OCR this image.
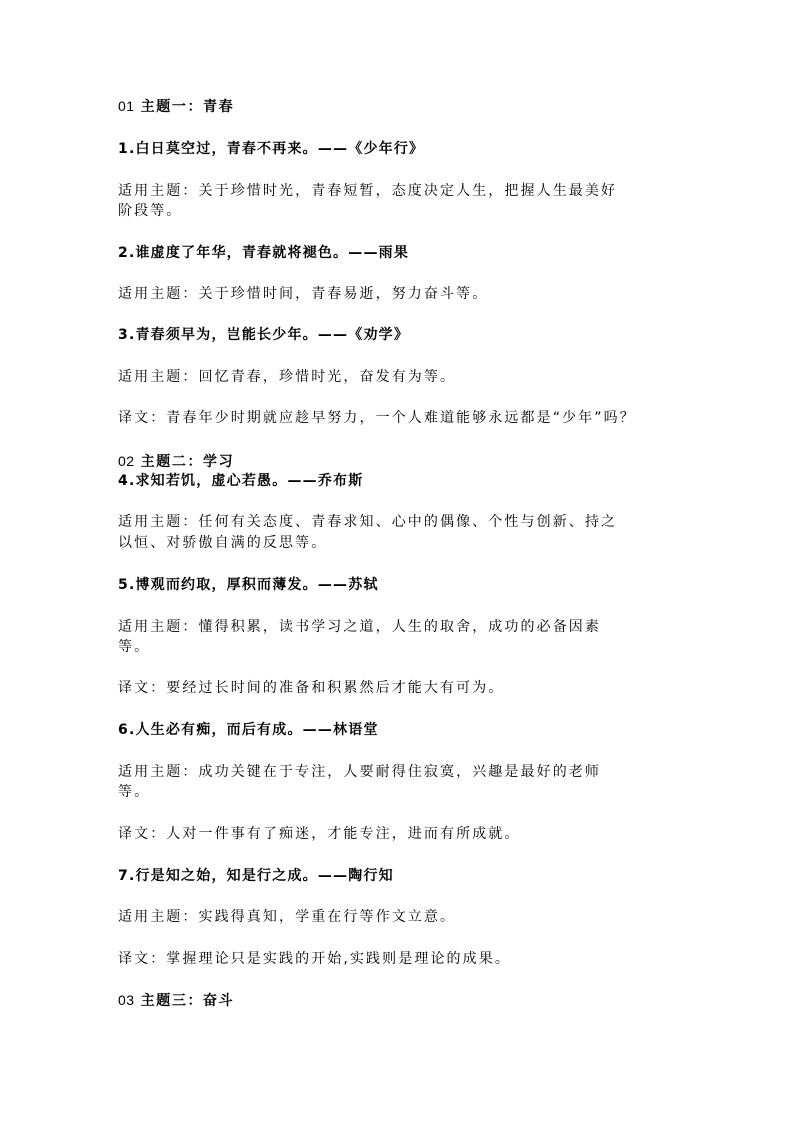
01 主题一：青春
1.白日莫空过，青春不再来。——《少年行》
适用主题：关于珍惜时光，青春短暂，态度决定人生，把握人生最美好
阶段等。
2.谁虚度了年华，青春就将褪色。——雨果
适用主题：关于珍惜时间，青春易逝，努力奋斗等。
3.青春须早为，岂能长少年。——《劝学》
适用主题：回忆青春，珍惜时光，奋发有为等。
译文：青春年少时期就应趁早努力，一个人难道能够永远都是“少年”吗？
02 主题二：学习
4.求知若饥，虚心若愚。——乔布斯
适用主题：任何有关态度、青春求知、心中的偶像、个性与创新、持之
以恒、对骄傲自满的反思等。
5.博观而约取，厚积而薄发。——苏轼
适用主题：懂得积累，读书学习之道，人生的取舍，成功的必备因素
等。
译文：要经过长时间的准备和积累然后才能大有可为。
6.人生必有痴，而后有成。——林语堂
适用主题：成功关键在于专注，人要耐得住寂寞，兴趣是最好的老师
等。
译文：人对一件事有了痴迷，才能专注，进而有所成就。
7.行是知之始，知是行之成。——陶行知
适用主题：实践得真知，学重在行等作文立意。
译文：掌握理论只是实践的开始,实践则是理论的成果。
03 主题三：奋斗
